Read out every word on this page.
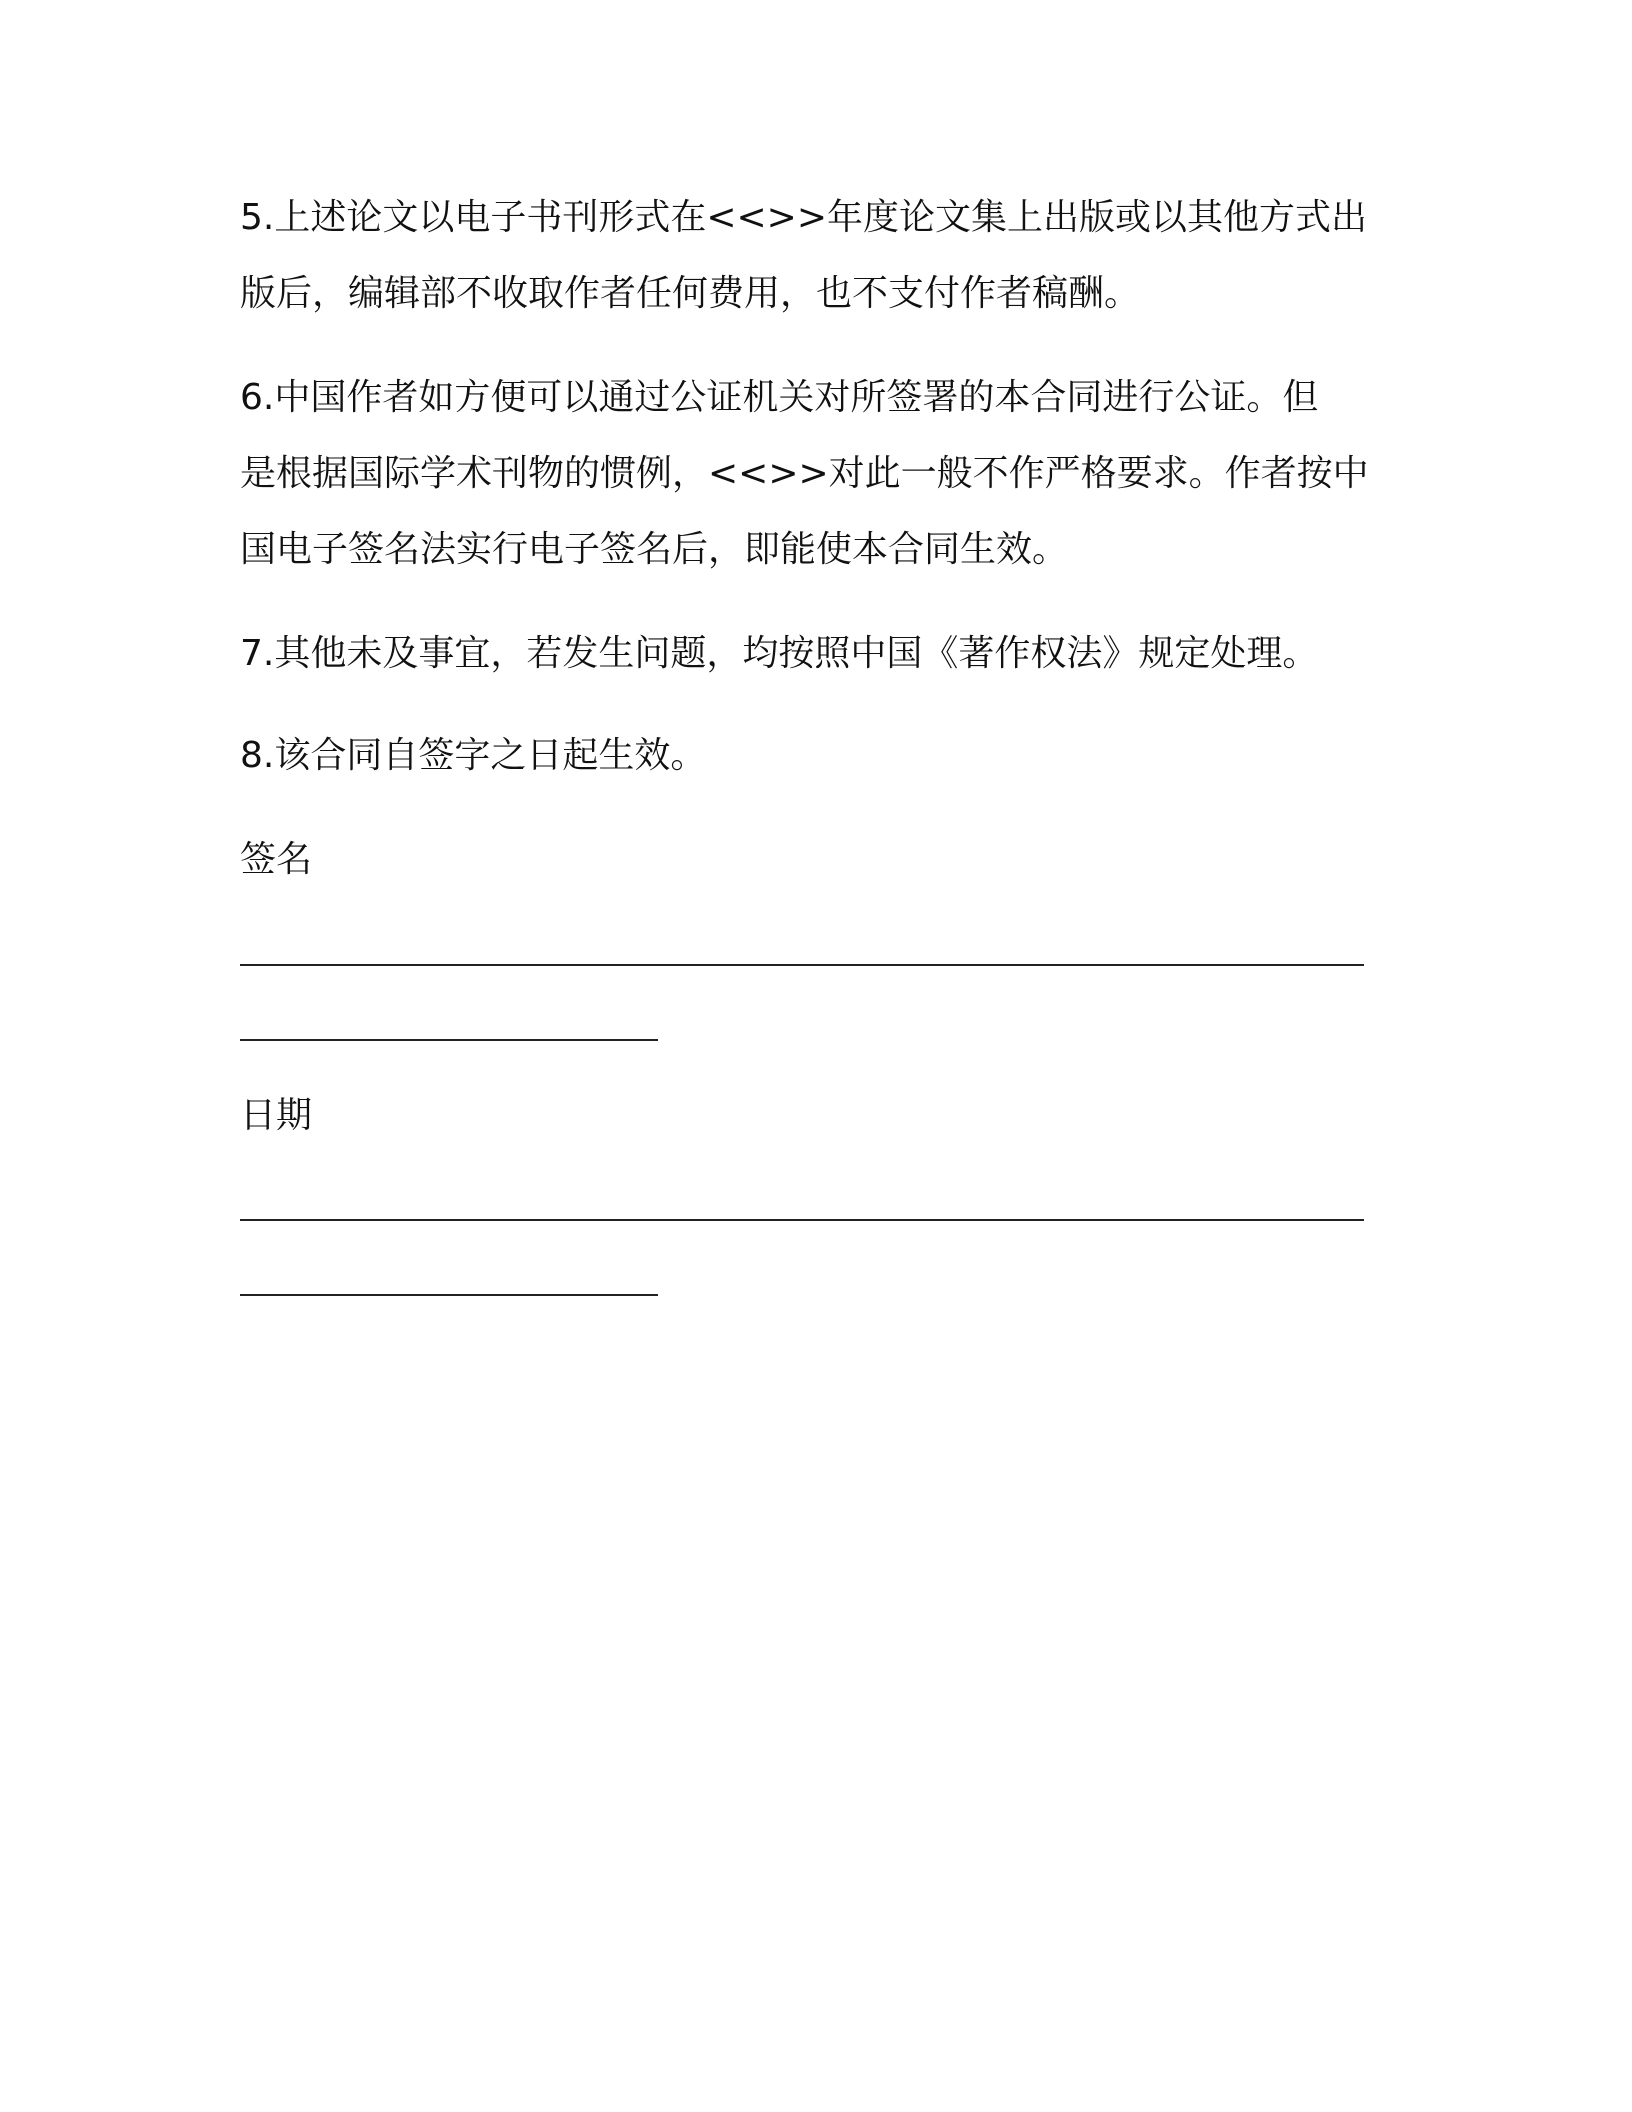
5.上述论文以电子书刊形式在<<>>年度论文集上出版或以其他方式出
版后，编辑部不收取作者任何费用，也不支付作者稿酬。
6.中国作者如方便可以通过公证机关对所签署的本合同进行公证。但
是根据国际学术刊物的惯例，<<>>对此一般不作严格要求。作者按中
国电子签名法实行电子签名后，即能使本合同生效。
7.其他未及事宜，若发生问题，均按照中国《著作权法》规定处理。
8.该合同自签字之日起生效。
签名
日期
